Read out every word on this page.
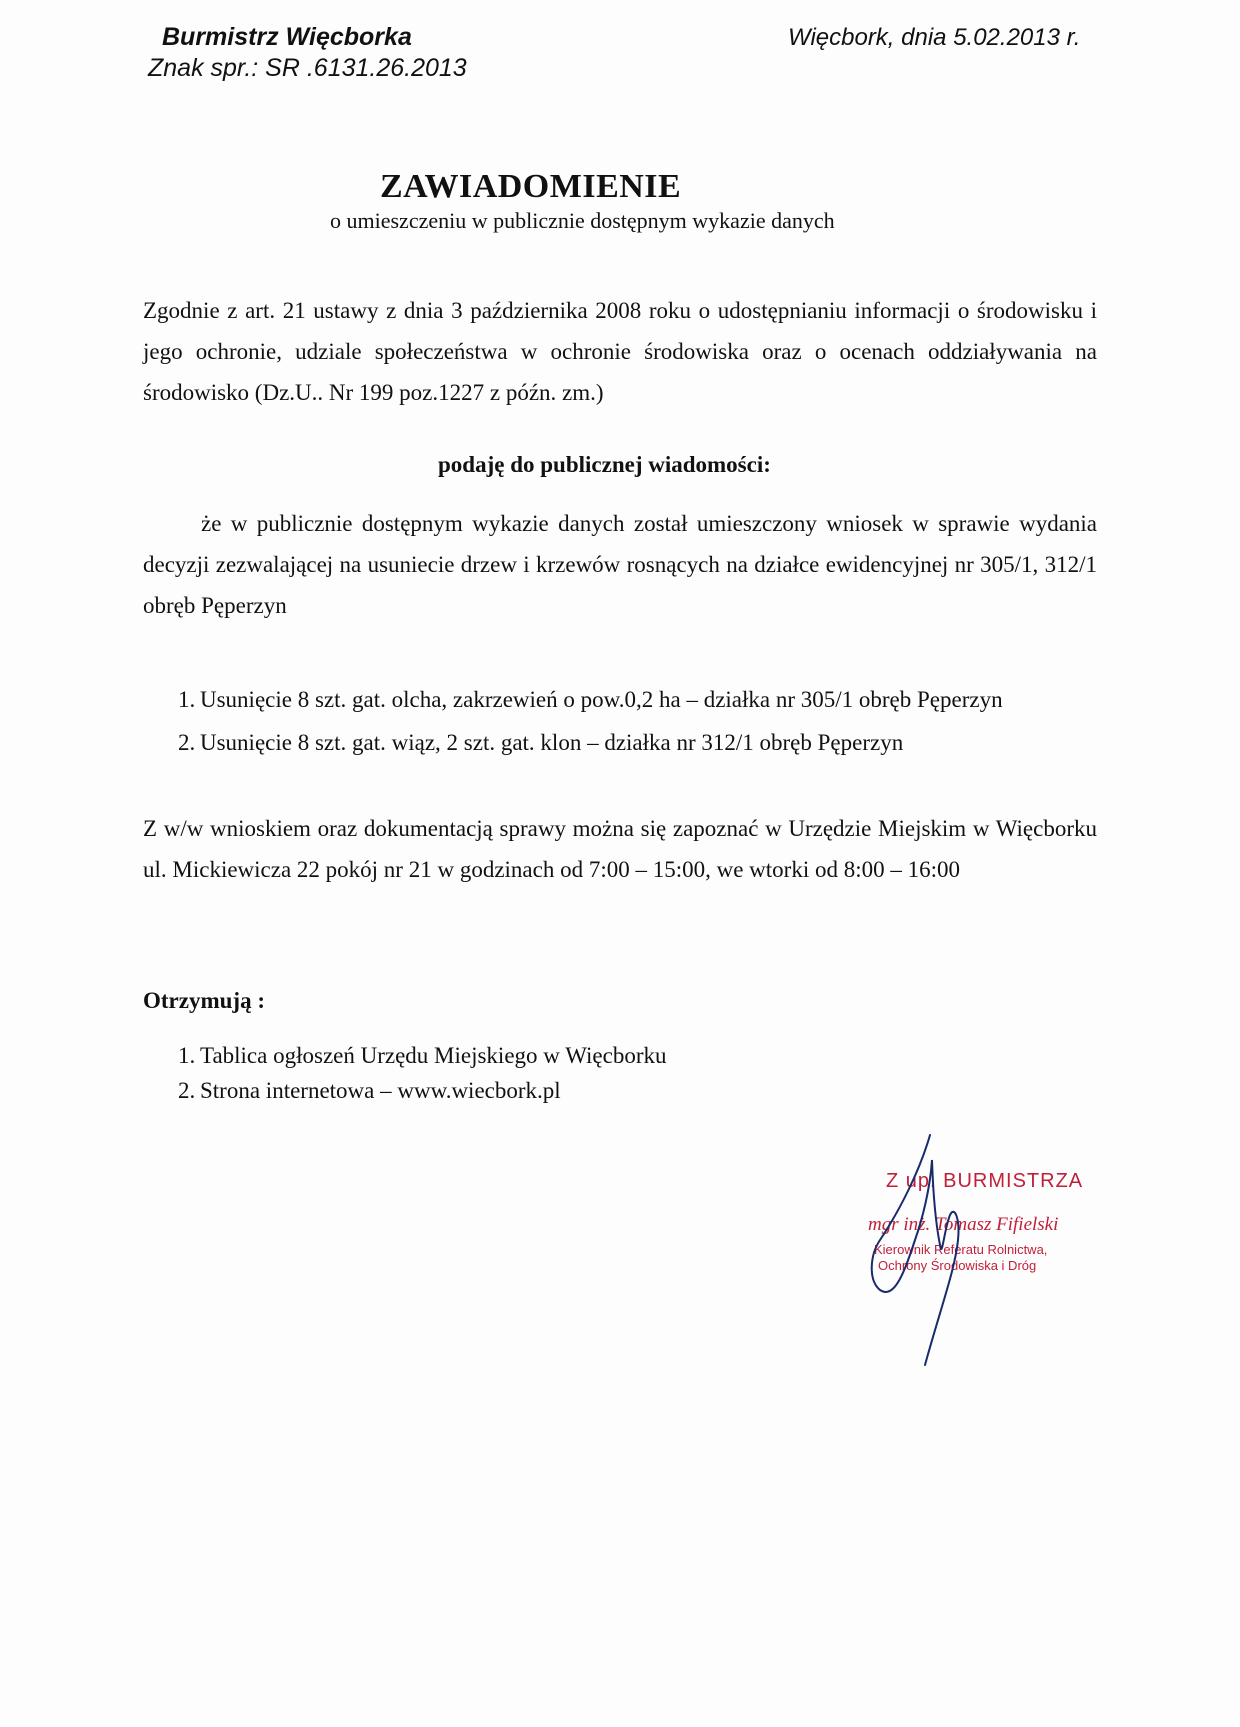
Burmistrz Więcborka
Znak spr.: SR .6131.26.2013
Więcbork, dnia 5.02.2013 r.
ZAWIADOMIENIE
o umieszczeniu w publicznie dostępnym wykazie danych
Zgodnie z art. 21 ustawy z dnia 3 października 2008 roku o udostępnianiu informacji o środowisku i jego ochronie, udziale społeczeństwa w ochronie środowiska oraz o ocenach oddziaływania na środowisko (Dz.U.. Nr 199 poz.1227 z późn. zm.)
podaję do publicznej wiadomości:
że w publicznie dostępnym wykazie danych został umieszczony wniosek w sprawie wydania decyzji zezwalającej na usuniecie drzew i krzewów rosnących na działce ewidencyjnej nr 305/1, 312/1 obręb Pęperzyn
1. Usunięcie 8 szt. gat. olcha, zakrzewień o pow.0,2 ha – działka nr 305/1 obręb Pęperzyn
2. Usunięcie 8 szt. gat. wiąz, 2 szt. gat. klon – działka nr 312/1 obręb Pęperzyn
Z w/w wnioskiem oraz dokumentacją sprawy można się zapoznać w Urzędzie Miejskim w Więcborku ul. Mickiewicza 22 pokój nr 21 w godzinach od 7:00 – 15:00, we wtorki od 8:00 – 16:00
Otrzymują :
1. Tablica ogłoszeń Urzędu Miejskiego w Więcborku
2. Strona internetowa – www.wiecbork.pl
Z up. BURMISTRZA
mgr inż. Tomasz Fifielski
Kierownik Referatu Rolnictwa,
Ochrony Środowiska i Dróg
